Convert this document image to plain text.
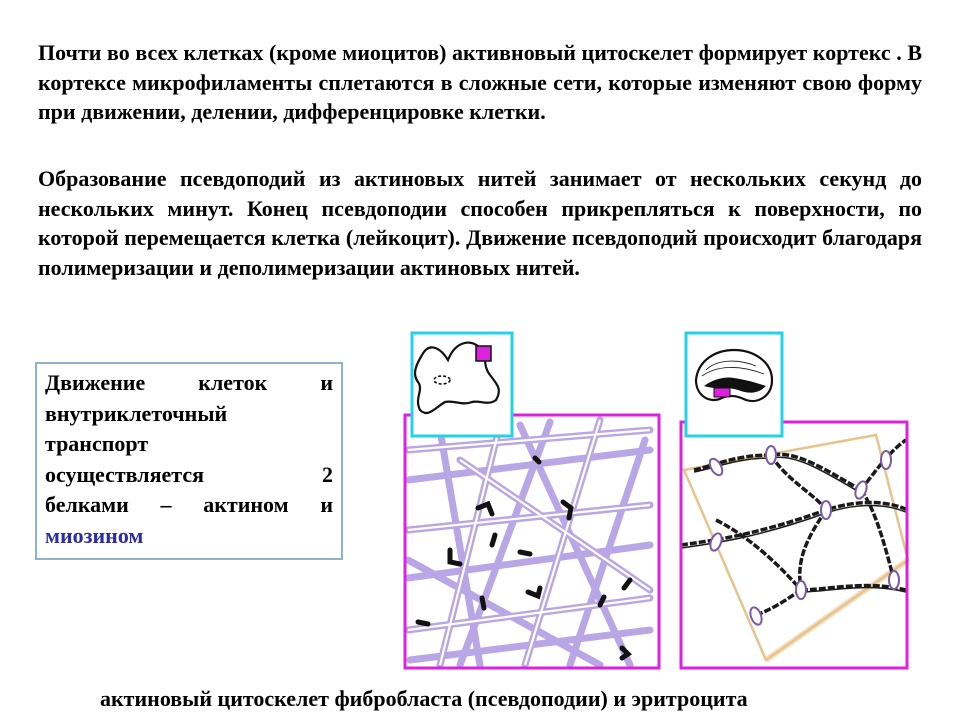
Почти во всех клетках (кроме миоцитов) активновый цитоскелет формирует кортекс . В кортексе микрофиламенты сплетаются в сложные сети, которые изменяют свою форму при движении, делении, дифференцировке клетки.

Образование псевдоподий из актиновых нитей занимает от нескольких секунд до нескольких минут. Конец псевдоподии способен прикрепляться к поверхности, по которой перемещается клетка (лейкоцит). Движение псевдоподий происходит благодаря полимеризации и деполимеризации актиновых нитей.

Движение клеток и
внутриклеточный
транспорт
осуществляется 2
белками – актином и
миозином
актиновый цитоскелет фибробласта (псевдоподии) и эритроцита
